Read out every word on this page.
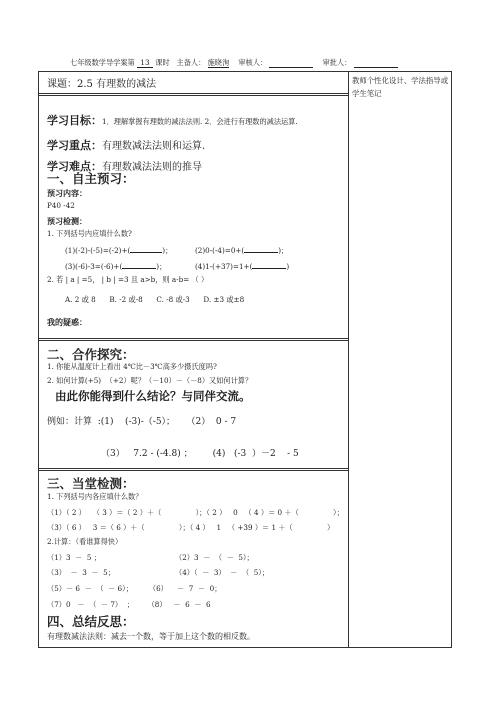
七年级数学导学案第 13 课时 主备人： 施晓洵 审核人：	审批人：
课题：2.5 有理数的减法	教师个性化设计、学法指导或学生笔记
学习目标：1．理解掌握有理数的减法法则. 2．会进行有理数的减法运算.
学习重点：有理数减法法则和运算.
学习难点：有理数减法法则的推导
一、自主预习：
预习内容：
P40 -42
预习检测：
1. 下列括号内应填什么数?
(1)(-2)-(-5)=(-2)+(	)；	(2)0-(-4)=0+(	)；
(3)(-6)-3=(-6)+(	)；	(4)1-(+37)=1+(	)
2. 若 | a | =5， | b | =3 且 a>b，则 a-b= （ ）
A. 2 或 8      B. -2 或-8      C. -8 或-3      D. ±3 或±8
我的疑惑：
二、合作探究：
1. 你能从温度计上看出 4℃比－3℃高多少摄氏度吗?
2. 如何计算(+5)  （+2）呢？（－10）－（－8）又如何计算？
由此你能得到什么结论？与同伴交流。
例如：计算  :(1)    (-3)-（-5）；    （2）  0 - 7
（3）   7.2 - (-4.8) ；       (4)   (-3  ）－2    - 5
三、当堂检测：
1. 下列括号内各应填什么数？
（1）（ 2 ）   （ 3 ）＝（ 2 ）＋（               ）；（ 2 ）   0   （ 4 ）＝ 0 ＋（               ）；
（3）（ 6 ）   3 ＝（ 6 ）＋（               ）；（ 4 ）   1   （ +39 ）＝ 1 ＋（               ）
2.计算：（看谁算得快）
（1）3  －  5 ；	（2）3  －  （  －  5）；
（3）  －  3  －  5；	（4）（  －  3）  －  （  5）；
（5）－ 6  －  （  － 6）；       （6）    －  7  －  0；
（7）0   －  （  － 7）  ；      （8）   －  6  －  6
四、总结反思：
有理数减法法则：减去一个数，等于加上这个数的相反数。
